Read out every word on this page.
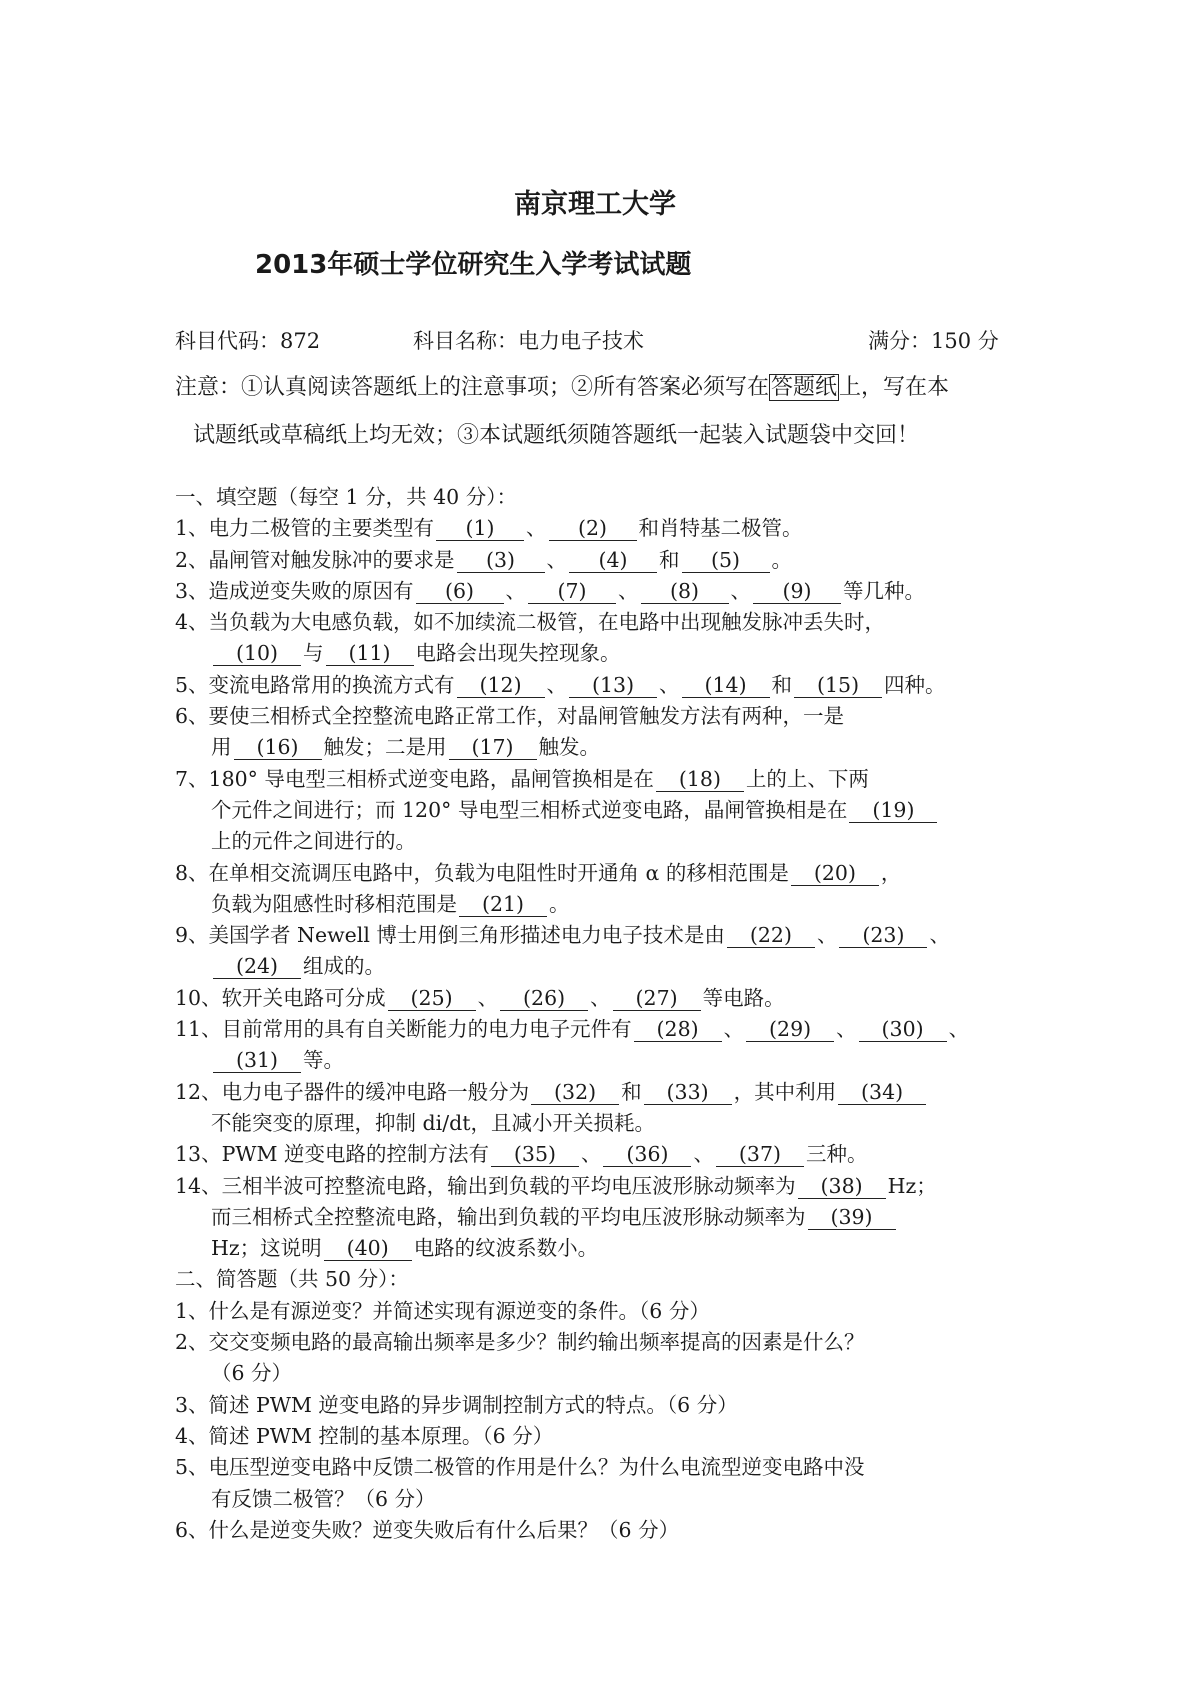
南京理工大学
2013年硕士学位研究生入学考试试题
科目代码：872	科目名称：电力电子技术	满分：150 分
注意：①认真阅读答题纸上的注意事项；②所有答案必须写在答题纸上，写在本
试题纸或草稿纸上均无效；③本试题纸须随答题纸一起装入试题袋中交回！
一、填空题（每空 1 分，共 40 分）：
1、电力二极管的主要类型有 (1) 、 (2) 和肖特基二极管。
2、晶闸管对触发脉冲的要求是 (3) 、 (4) 和 (5) 。
3、造成逆变失败的原因有 (6) 、 (7) 、 (8) 、 (9) 等几种。
4、当负载为大电感负载，如不加续流二极管，在电路中出现触发脉冲丢失时，
(10) 与 (11) 电路会出现失控现象。
5、变流电路常用的换流方式有 (12) 、 (13) 、 (14) 和 (15) 四种。
6、要使三相桥式全控整流电路正常工作，对晶闸管触发方法有两种，一是
用 (16) 触发；二是用 (17) 触发。
7、180° 导电型三相桥式逆变电路，晶闸管换相是在 (18) 上的上、下两
个元件之间进行；而 120° 导电型三相桥式逆变电路，晶闸管换相是在 (19)
上的元件之间进行的。
8、在单相交流调压电路中，负载为电阻性时开通角 α 的移相范围是 (20) ，
负载为阻感性时移相范围是 (21) 。
9、美国学者 Newell 博士用倒三角形描述电力电子技术是由 (22) 、 (23) 、
(24) 组成的。
10、软开关电路可分成 (25) 、 (26) 、 (27) 等电路。
11、目前常用的具有自关断能力的电力电子元件有 (28) 、 (29) 、 (30) 、
(31) 等。
12、电力电子器件的缓冲电路一般分为 (32) 和 (33) ，其中利用 (34)
不能突变的原理，抑制 di/dt，且减小开关损耗。
13、PWM 逆变电路的控制方法有 (35) 、 (36) 、 (37) 三种。
14、三相半波可控整流电路，输出到负载的平均电压波形脉动频率为 (38) Hz；
而三相桥式全控整流电路，输出到负载的平均电压波形脉动频率为 (39)
Hz；这说明 (40) 电路的纹波系数小。
二、简答题（共 50 分）：
1、什么是有源逆变？并简述实现有源逆变的条件。（6 分）
2、交交变频电路的最高输出频率是多少？制约输出频率提高的因素是什么？
（6 分）
3、简述 PWM 逆变电路的异步调制控制方式的特点。（6 分）
4、简述 PWM 控制的基本原理。（6 分）
5、电压型逆变电路中反馈二极管的作用是什么？为什么电流型逆变电路中没
有反馈二极管？（6 分）
6、什么是逆变失败？逆变失败后有什么后果？（6 分）
